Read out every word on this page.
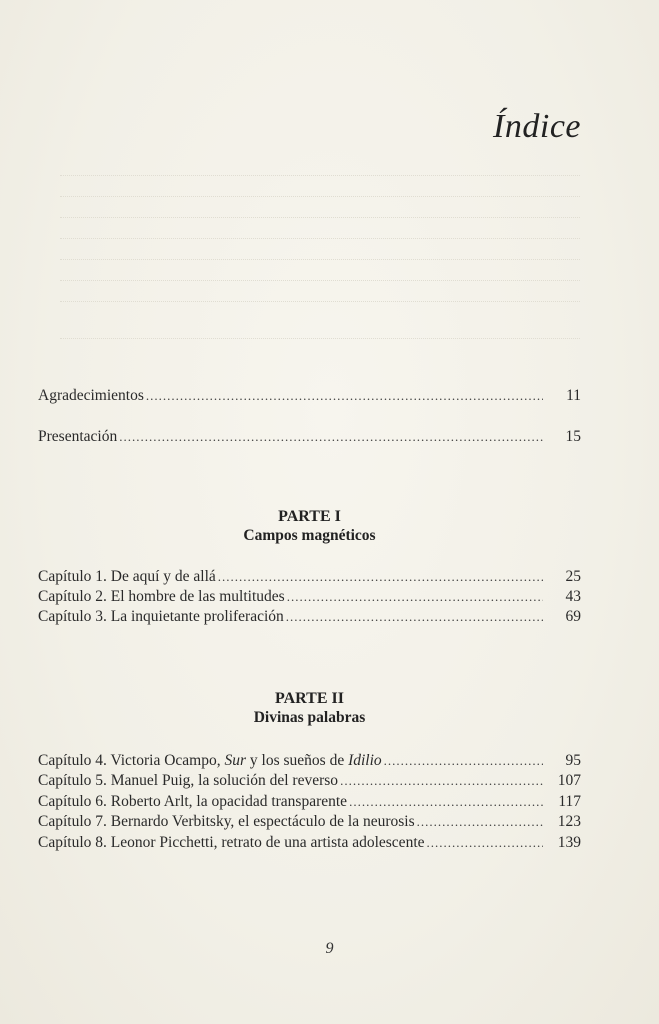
Índice
Agradecimientos .....	11
Presentación .....	15
PARTE I
Campos magnéticos
Capítulo 1. De aquí y de allá .....	25
Capítulo 2. El hombre de las multitudes .....	43
Capítulo 3. La inquietante proliferación .....	69
PARTE II
Divinas palabras
Capítulo 4. Victoria Ocampo, Sur y los sueños de Idilio .....	95
Capítulo 5. Manuel Puig, la solución del reverso .....	107
Capítulo 6. Roberto Arlt, la opacidad transparente .....	117
Capítulo 7. Bernardo Verbitsky, el espectáculo de la neurosis .....	123
Capítulo 8. Leonor Picchetti, retrato de una artista adolescente .....	139
9
